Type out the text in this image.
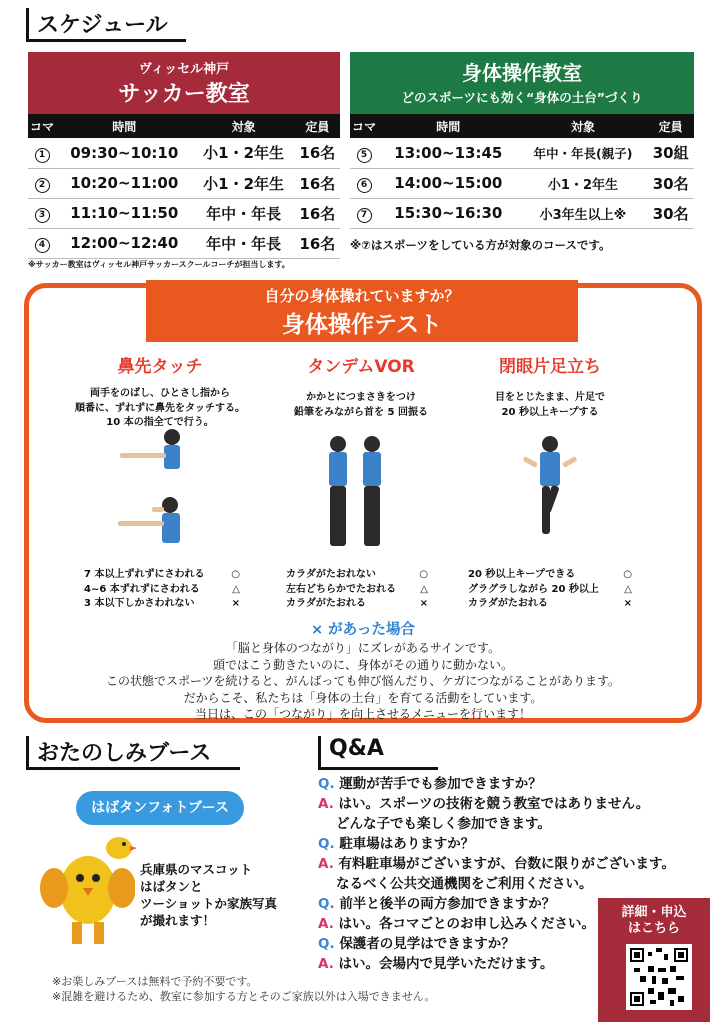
スケジュール
ヴィッセル神戸
サッカー教室
コマ	時間	対象	定員
1	09:30~10:10	小1・2年生	16名
2	10:20~11:00	小1・2年生	16名
3	11:10~11:50	年中・年長	16名
4	12:00~12:40	年中・年長	16名
※サッカー教室はヴィッセル神戸サッカースクールコーチが担当します。
身体操作教室
どのスポーツにも効く“身体の土台”づくり
コマ	時間	対象	定員
5	13:00~13:45	年中・年長(親子)	30組
6	14:00~15:00	小1・2年生	30名
7	15:30~16:30	小3年生以上※	30名
※⑦はスポーツをしている方が対象のコースです。
自分の身体操れていますか？
身体操作テスト
鼻先タッチ
両手をのばし、ひとさし指から
順番に、ずれずに鼻先をタッチする。
10 本の指全てで行う。
タンデムVOR
かかとにつまさきをつけ
鉛筆をみながら首を 5 回振る
閉眼片足立ち
目をとじたまま、片足で
20 秒以上キープする
7 本以上ずれずにさわれる	○
4~6 本ずれずにさわれる	△
3 本以下しかさわれない	×
カラダがたおれない	○
左右どちらかでたおれる △
カラダがたおれる	×
20 秒以上キープできる	○
グラグラしながら 20 秒以上	△
カラダがたおれる	×
× があった場合
「脳と身体のつながり」にズレがあるサインです。
頭ではこう動きたいのに、身体がその通りに動かない。
この状態でスポーツを続けると、がんばっても伸び悩んだり、ケガにつながることがあります。
だからこそ、私たちは「身体の土台」を育てる活動をしています。
当日は、この「つながり」を向上させるメニューを行います！
おたのしみブース
はばタンフォトブース
兵庫県のマスコット
はばタンと
ツーショットか家族写真
が撮れます！
※お楽しみブースは無料で予約不要です。
※混雑を避けるため、教室に参加する方とそのご家族以外は入場できません。
Q&A
Q. 運動が苦手でも参加できますか？
A. はい。スポーツの技術を競う教室ではありません。
どんな子でも楽しく参加できます。
Q. 駐車場はありますか？
A. 有料駐車場がございますが、台数に限りがございます。
なるべく公共交通機関をご利用ください。
Q. 前半と後半の両方参加できますか？
A. はい。各コマごとのお申し込みください。
Q. 保護者の見学はできますか？
A. はい。会場内で見学いただけます。
詳細・申込
はこちら
